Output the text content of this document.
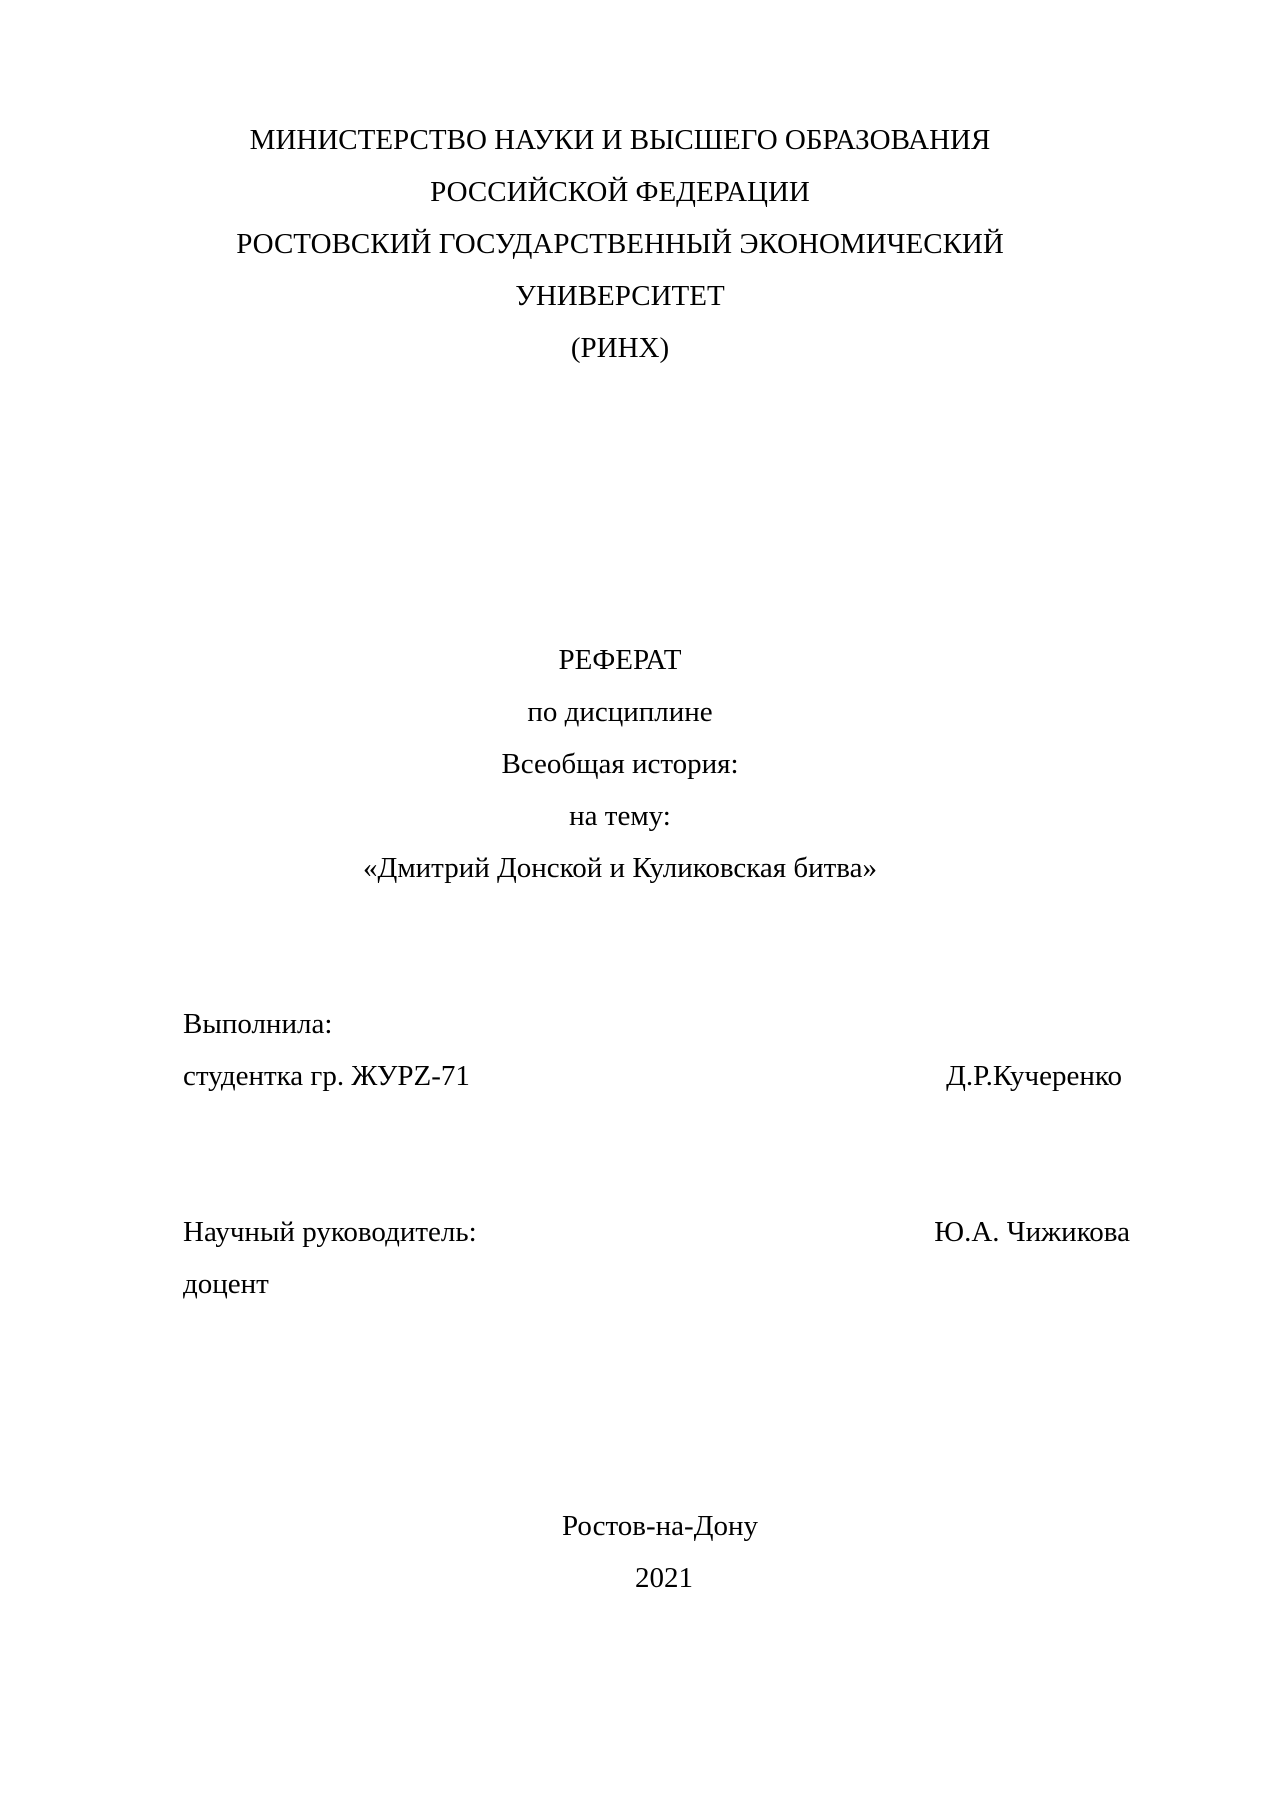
МИНИСТЕРСТВО НАУКИ И ВЫСШЕГО ОБРАЗОВАНИЯ
РОССИЙСКОЙ ФЕДЕРАЦИИ
РОСТОВСКИЙ ГОСУДАРСТВЕННЫЙ ЭКОНОМИЧЕСКИЙ
УНИВЕРСИТЕТ
(РИНХ)
РЕФЕРАТ
по дисциплине
Всеобщая история:
на тему:
«Дмитрий Донской и Куликовская битва»
Выполнила:
студентка гр. ЖУРZ-71	Д.Р.Кучеренко
Научный руководитель:	Ю.А. Чижикова
доцент
Ростов-на-Дону
2021
